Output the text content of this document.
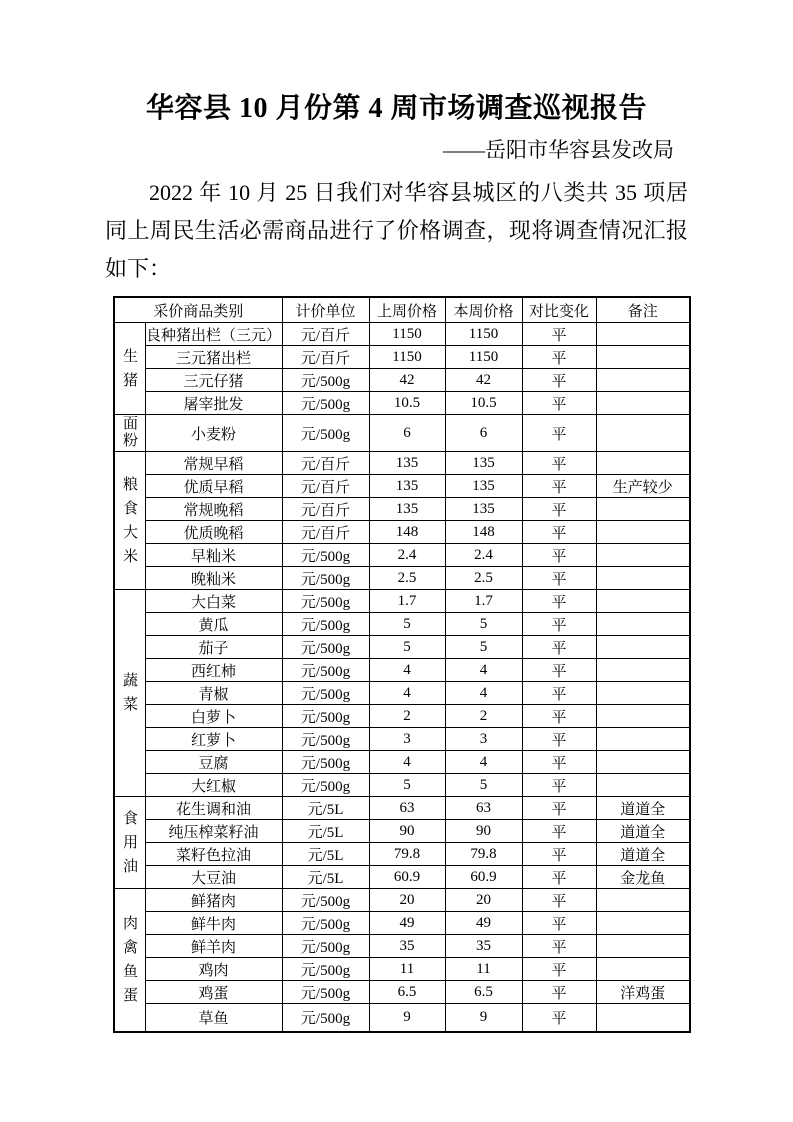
华容县 10 月份第 4 周市场调查巡视报告
——岳阳市华容县发改局
2022 年 10 月 25 日我们对华容县城区的八类共 35 项居
同上周民生活必需商品进行了价格调查，现将调查情况汇报
如下：
采价商品类别		计价单位	上周价格	本周价格	对比变化	备注
生猪	良种猪出栏（三元）	元/百斤	1150	1150	平	
	三元猪出栏	元/百斤	1150	1150	平	
	三元仔猪	元/500g	42	42	平	
	屠宰批发	元/500g	10.5	10.5	平	
面粉	小麦粉	元/500g	6	6	平	
粮食大米	常规早稻	元/百斤	135	135	平	
	优质早稻	元/百斤	135	135	平	生产较少
	常规晚稻	元/百斤	135	135	平	
	优质晚稻	元/百斤	148	148	平	
	早籼米	元/500g	2.4	2.4	平	
	晚籼米	元/500g	2.5	2.5	平	
蔬菜	大白菜	元/500g	1.7	1.7	平	
	黄瓜	元/500g	5	5	平	
	茄子	元/500g	5	5	平	
	西红柿	元/500g	4	4	平	
	青椒	元/500g	4	4	平	
	白萝卜	元/500g	2	2	平	
	红萝卜	元/500g	3	3	平	
	豆腐	元/500g	4	4	平	
	大红椒	元/500g	5	5	平	
食用油	花生调和油	元/5L	63	63	平	道道全
	纯压榨菜籽油	元/5L	90	90	平	道道全
	菜籽色拉油	元/5L	79.8	79.8	平	道道全
	大豆油	元/5L	60.9	60.9	平	金龙鱼
肉禽鱼蛋	鲜猪肉	元/500g	20	20	平	
	鲜牛肉	元/500g	49	49	平	
	鲜羊肉	元/500g	35	35	平	
	鸡肉	元/500g	11	11	平	
	鸡蛋	元/500g	6.5	6.5	平	洋鸡蛋
	草鱼	元/500g	9	9	平	
